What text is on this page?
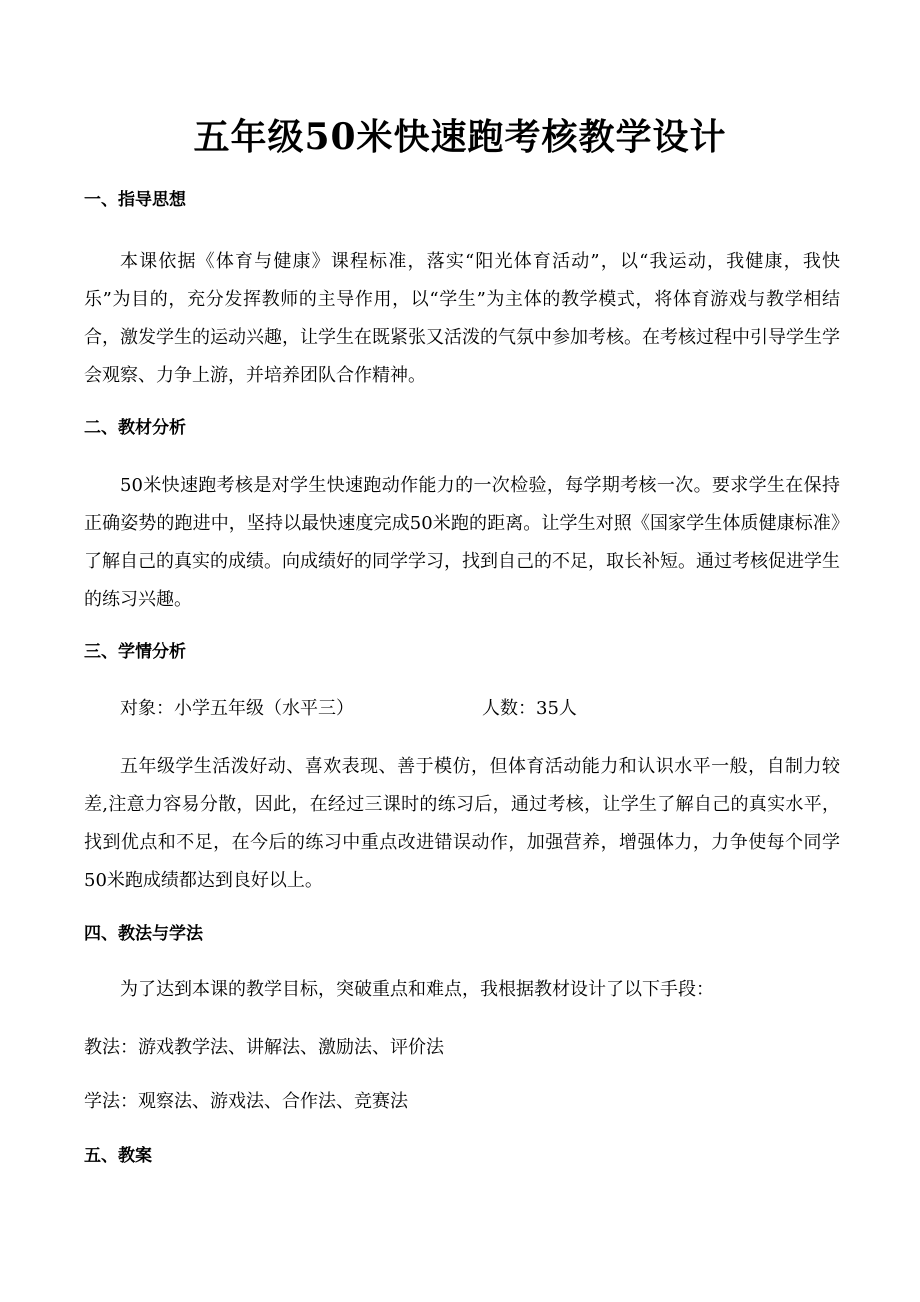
五年级50米快速跑考核教学设计
一、指导思想

本课依据《体育与健康》课程标准，落实“阳光体育活动”，以“我运动，我健康，我快乐”为目的，充分发挥教师的主导作用，以“学生”为主体的教学模式，将体育游戏与教学相结合，激发学生的运动兴趣，让学生在既紧张又活泼的气氛中参加考核。在考核过程中引导学生学会观察、力争上游，并培养团队合作精神。

二、教材分析

50米快速跑考核是对学生快速跑动作能力的一次检验，每学期考核一次。要求学生在保持正确姿势的跑进中，坚持以最快速度完成50米跑的距离。让学生对照《国家学生体质健康标准》了解自己的真实的成绩。向成绩好的同学学习，找到自己的不足，取长补短。通过考核促进学生的练习兴趣。

三、学情分析

对象：小学五年级（水平三）	人数：35人

五年级学生活泼好动、喜欢表现、善于模仿，但体育活动能力和认识水平一般，自制力较差,注意力容易分散，因此，在经过三课时的练习后，通过考核，让学生了解自己的真实水平，找到优点和不足，在今后的练习中重点改进错误动作，加强营养，增强体力，力争使每个同学50米跑成绩都达到良好以上。

四、教法与学法

为了达到本课的教学目标，突破重点和难点，我根据教材设计了以下手段：

教法：游戏教学法、讲解法、激励法、评价法

学法：观察法、游戏法、合作法、竞赛法

五、教案
